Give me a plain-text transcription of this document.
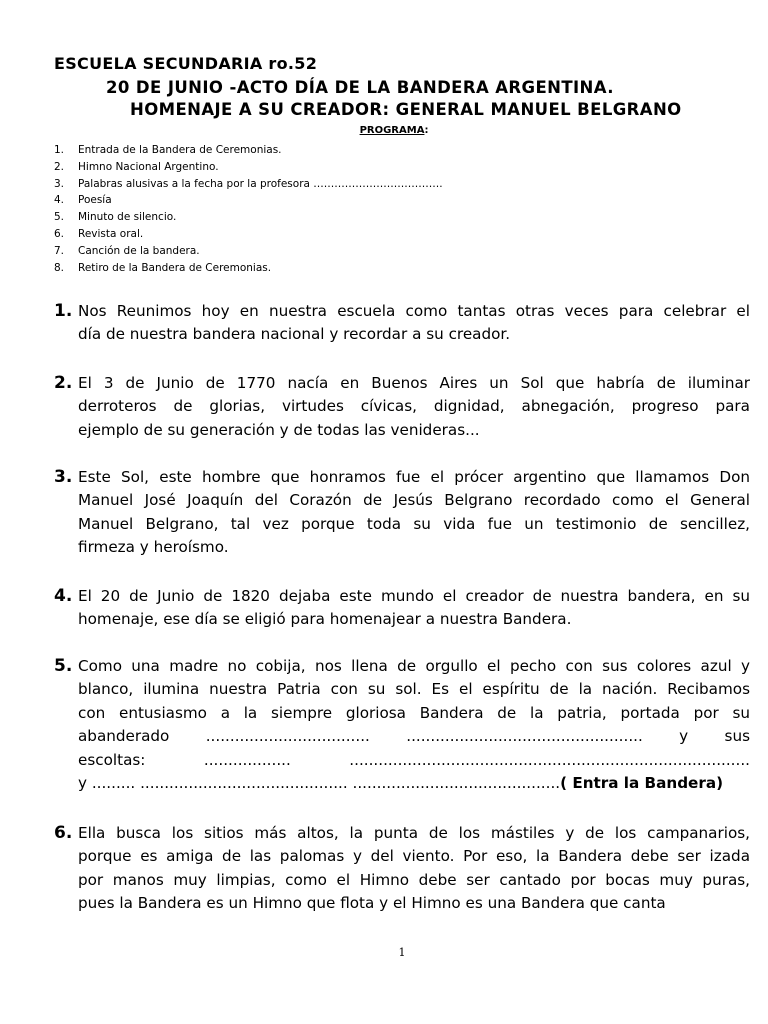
ESCUELA SECUNDARIA ro.52
20 DE JUNIO -ACTO DÍA DE LA BANDERA ARGENTINA.
HOMENAJE A SU CREADOR: GENERAL MANUEL BELGRANO
PROGRAMA:
1. Entrada de la Bandera de Ceremonias.
2. Himno Nacional Argentino.
3. Palabras alusivas a la fecha por la profesora ……………………………….
4. Poesía
5. Minuto de silencio.
6. Revista oral.
7. Canción de la bandera.
8. Retiro de la Bandera de Ceremonias.
1. Nos Reunimos hoy en nuestra escuela como tantas otras veces para celebrar el
día de nuestra bandera nacional y recordar a su creador.
2. El 3 de Junio de 1770 nacía en Buenos Aires un Sol que habría de iluminar
derroteros de glorias, virtudes cívicas, dignidad, abnegación, progreso para
ejemplo de su generación y de todas las venideras...
3. Este Sol, este hombre que honramos fue el prócer argentino que llamamos Don
Manuel José Joaquín del Corazón de Jesús Belgrano recordado como el General
Manuel Belgrano, tal vez porque toda su vida fue un testimonio de sencillez,
firmeza y heroísmo.
4. El 20 de Junio de 1820 dejaba este mundo el creador de nuestra bandera, en su
homenaje, ese día se eligió para homenajear a nuestra Bandera.
5. Como una madre no cobija, nos llena de orgullo el pecho con sus colores azul y
blanco, ilumina nuestra Patria con su sol. Es el espíritu de la nación. Recibamos
con entusiasmo a la siempre gloriosa Bandera de la patria, portada por su
abanderado .................................. ................................................. y sus
escoltas: .................. ...................................................................................
y ......... ........................................... ...........................................( Entra la Bandera)
6. Ella busca los sitios más altos, la punta de los mástiles y de los campanarios,
porque es amiga de las palomas y del viento. Por eso, la Bandera debe ser izada
por manos muy limpias, como el Himno debe ser cantado por bocas muy puras,
pues la Bandera es un Himno que flota y el Himno es una Bandera que canta
1
